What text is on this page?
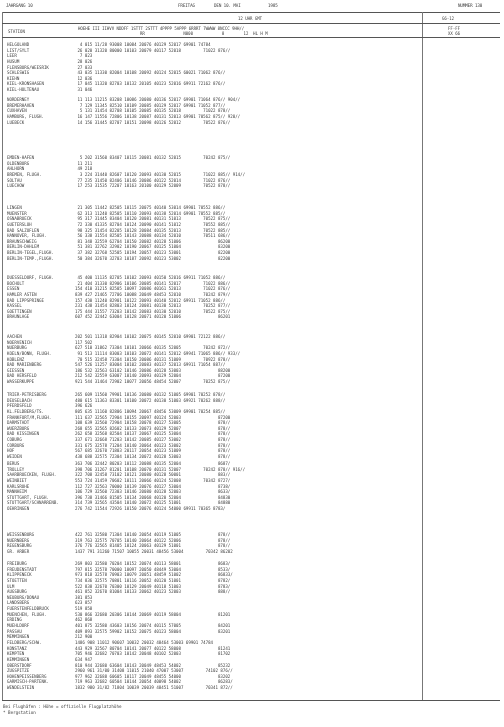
JAHRGANG 10	FREITAG	DEN 10. MAI	1985	NUMMER 130
12 UHR GMT	G6-12
STATION
HOEHE III IIHVV NDDFF 1STTT 2STTT 4PPPP 5APPP 6RRRT 7WWWW 8NCCC 9HH//
RR                N000            8        12  HL H M
FF-FF
XX 66
HELGOLAND	4 015 11/28 93008 10084 20076 40129 52017 69901 74784
LIST/SYLT	26 020 31320 80000 10103 20079 40117 52018         71022 876//
LEER	7 023
HUSUM	28 026
FLENSBURG/WEESRIK	27 033
SCHLESWIG	43 035 11330 82004 10108 20092 40124 52015 60021 71062 876//
KIEHN	12 036
KIEL-KRONSHAGEN	17 045 11320 82703 10132 20105 40123 52016 69911 72162 876//
KIEL-HOLTENAU	31 046
NORDERNEY	11 113 11215 83208 10086 20080 40136 52017 69901 71064 876// 904//
BREMERHAVEN	7 129 11345 82510 10109 20085 40129 52017 69901 71052 877//
CUXHAVEN	5 131 31454 82708 10105 20085 40135 52018         71022 878//
HAMBURG, FLUGH.	16 147 11556 72806 10138 20087 40131 52013 69901 70562 875// 920//
LUEBECK	14 156 31445 82707 10151 20098 40126 52012         70522 876//
EMDEN-HAFEN	5 202 31560 83407 10115 20081 40132 52015         70242 875//
OLDENBURG	11 211
AHLHORN	49 218
BREMEN, FLUGH.	3 224 31440 82607 10120 20093 40130 52015         71022 885// 914//
SOLTAU	77 235 31450 82406 10146 20086 40122 52014         71022 876//
LUECHOW	17 253 31535 72207 10163 20100 40129 52009         70522 878//
LINGEN	21 305 11442 82505 10115 20075 40140 53014 69901 70552 886//
MUENSTER	62 313 11240 82505 10110 20093 40138 52014 69901 70552 885//
OSNABRUECK	95 317 31445 83404 10120 20081 40131 51013         70522 875//
GUETERSLOH	72 330 41335 82704 10124 20090 40141 51012         70552 885//
BAD SALZUFLEN	98 325 31454 82205 10128 20084 40135 52013         70522 885//
HANNOVER, FLUGH.	56 338 31554 82505 10143 20088 40134 52010         70511 686//
BRAUNSCHWEIG	81 348 32559 62704 10150 20082 40128 51006               86200
BERLIN-DAHLEM	51 381 32762 32902 10190 20067 40125 51004               83200
BERLIN-TEGEL,FLUGH.	37 382 32768 52505 10194 20057 40123 53001               82200
BERLIN-TEMP.,FLUGH.	50 384 32670 32703 10187 20092 40123 53002               82200
DUESSELDORF, FLUGH.	45 400 11135 82705 10102 20093 40150 52016 69911 71052 886//
BOCHOLT	21 404 31330 82906 10106 20085 40141 52017         71022 886//
ESSEN	154 410 31215 82505 10097 20086 40161 52013         71022 876//
HAMLER ASTEN	839 427 21465 72706 10088 20049 48453 52010         70242 879//
BAD LIPPSPRINGE	157 430 11240 82901 10122 20093 40140 52012 69911 71052 886//
KASSEL	231 438 31454 82803 10124 20081 40130 52013         70252 877//
GOETTINGEN	175 444 31557 73203 10142 20083 40130 52010         70522 875//
BRAUNLAGE	607 452 32442 63004 10128 20071 40120 51006               86201
AACHEN	202 501 11318 82904 10102 20075 40145 52010 69901 72122 886//
NOERVENICH	117 502
NUERBURG	627 510 31862 73304 10101 20066 40135 52005         70242 872//
KOELN/BONN, FLUGH.	91 513 11114 83003 10103 20072 40141 52012 69941 71065 886// 933//
KOBLENZ	70 515 32458 73304 10150 20086 40131 51009         70922 878//
BAD MARIENBERG	547 526 11257 83004 10102 20083 40137 52013 69911 71054 887//
GIESSEN	186 532 32563 63102 10146 20086 40128 53003               88200
BAD HERSFELD	212 542 32559 63007 10140 20093 40129 52004               87200
WASSERKUPPE	921 544 31464 72902 10077 20056 48454 52007         70252 875//
TRIER-PETRISBERG	265 609 11560 79901 10136 20080 40132 51005 69901 70252 878//
DEUSELBACH	480 615 11363 83301 10100 20072 40130 51003 69921 70262 888//
PFERDSFELD	396 626
KL.FELDBERG/TS.	805 635 11160 82806 10094 20067 48456 53009 69901 70254 885//
FRANKFURT/M,FLUGH.	111 637 32565 72904 10155 20097 40124 52003               87200
DARMSTADT	108 639 32560 72904 10158 20078 40127 53005               878//
WUERZBURG	268 655 32565 82602 10133 20073 40129 52007               878//
BAD KISSINGEN	262 658 32568 82504 10137 20067 40125 53004               878//
COBURG	337 671 32668 71203 10142 20085 40127 53002               878//
CORBURG	331 675 32578 71204 10140 20064 40123 53002               878//
HOF	567 685 32670 71803 20117 20054 40123 51009               878//
WEIDEN	438 688 32575 72304 10134 20072 40128 53003               878//
BERUS	363 706 32442 80203 10112 20088 40135 52004               8687/
TROLLEY	398 706 31267 81201 10108 20070 40131 52007         70242 878// 916//
SAARBRUECKEN, FLUGH.	322 708 32458 73102 10121 20080 40128 50001               883//
WEINBIET	553 724 31459 70602 10111 20066 40124 52008         70342 8727/
KARLSRUHE	112 727 32563 70000 10139 20076 40127 53004               8738/
MANNHEIM	106 729 32560 72303 10146 20080 40128 52003               8633/
STUTTGART, FLUGH.	396 738 31466 81505 10134 20068 40120 52004               84830
STUTTGART/SCHNARRENB.	314 739 32565 43504 10140 20072 40125 51001               84880
OEHRINGEN	276 742 11544 72926 10150 20076 40124 54000 69911 70365 8783/
WEISSENBURG	422 761 32580 71304 10140 20054 40119 51005               878//
NUERNBERG	319 763 32575 70705 10140 20064 40122 52006               878//
REGENSBURG	376 776 32565 81405 10124 20063 40129 51001               878//
GR. ARBER	1437 791 31260 71507 10055 20031 48456 53004         70342 86202
FREIBURG	269 803 32580 70204 10152 20074 40113 58001               8683/
FREUDENSTADT	797 815 32578 70000 10097 20050 48449 53004               8533/
KLIPPENECK	973 818 32578 70903 10079 20051 48459 51002               86833/
STOETTEN	734 836 32575 70801 10116 20052 40120 51001               8782/
ULM	522 838 32670 70300 10129 20049 40118 51003               8783/
AUGSBURG	461 852 32670 81004 10133 20062 40123 52003               888//
NEUBURG/DONAU	381 853
LANDSBERG	623 857
FUERSTENFELDBRUCK	519 858
MUENCHEN, FLUGH.	530 866 32680 20306 10144 20069 40119 58004               81201
ERDING	462 868
MUEHLDORF	401 875 32580 43603 10156 20074 40115 57005               84201
PASSAU	409 893 32575 59902 10152 20075 40123 58004               83201
MEMMINGEN	212 900
FELDBERG/SCHW.	1486 908 11012 90607 10032 20032 48464 53003 69901 74784
KONSTANZ	443 929 32567 80704 10141 20077 40122 58008               81241
KEMPTEN	705 946 32682 70703 10142 20048 40102 52003               81702
KEMMINGEN	634 947
OBERSTDORF	810 944 32680 63604 10143 20049 48453 54002               85232
ZUGSPITZE	2960 961 31/00 31408 11015 21040 47007 53007         74102 876//
HOHENPEISSENBERG	977 962 32688 60605 10117 20049 48455 54000               83202
GARMISCH-PARTENK.	719 963 32682 60504 10144 20054 40098 54002               86283/
WENDELSTEIN	1832 980 31/82 71804 10039 20039 48451 51007         70341 872//
Bei Flughäfen : Höhe = offizielle Flugplatzhöhe
* Bergstation
